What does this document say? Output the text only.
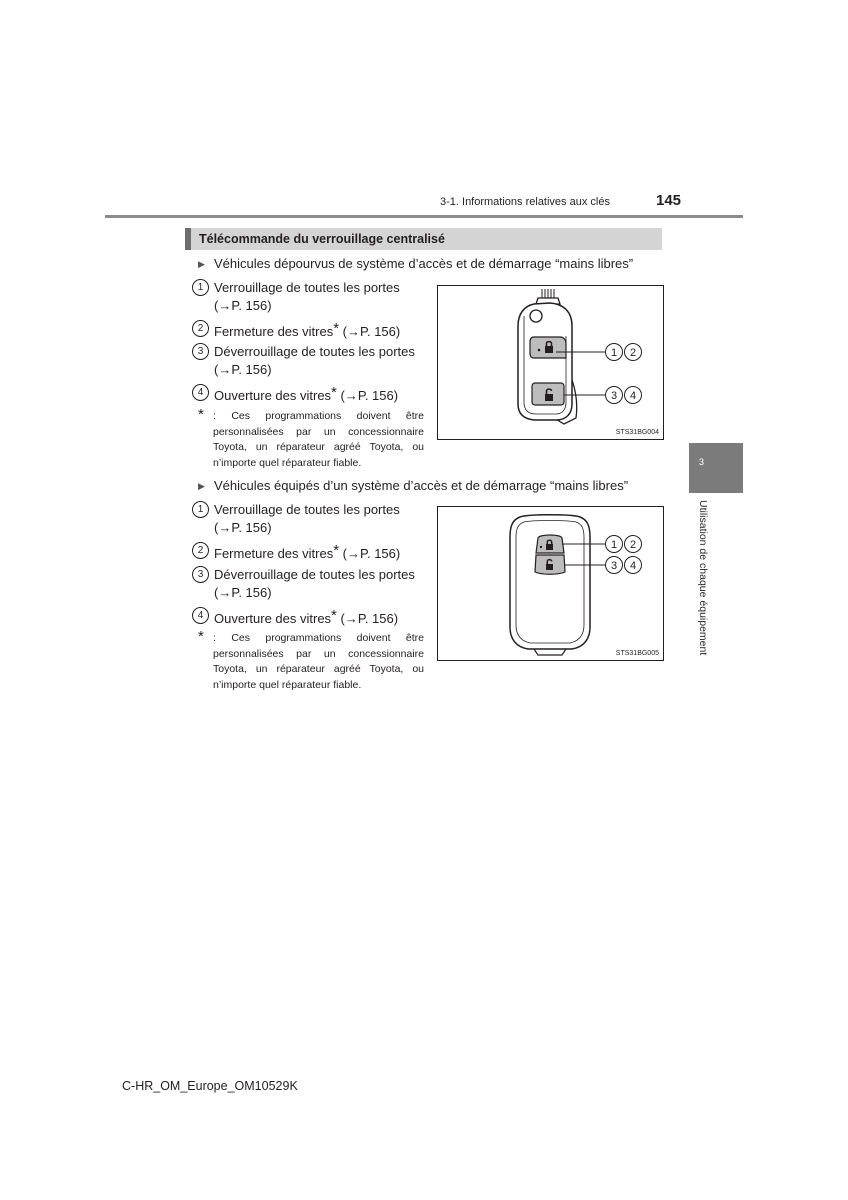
3-1. Informations relatives aux clés	145
Télécommande du verrouillage centralisé
▶ Véhicules dépourvus de système d’accès et de démarrage “mains libres”
1 Verrouillage de toutes les portes
(→P. 156)
2 Fermeture des vitres* (→P. 156)
3 Déverrouillage de toutes les portes
(→P. 156)
4 Ouverture des vitres* (→P. 156)
* : Ces programmations doivent être personnalisées par un concessionnaire Toyota, un réparateur agréé Toyota, ou n’importe quel réparateur fiable.
1 2
3 4
STS31BG004
▶ Véhicules équipés d’un système d’accès et de démarrage “mains libres”
1 Verrouillage de toutes les portes
(→P. 156)
2 Fermeture des vitres* (→P. 156)
3 Déverrouillage de toutes les portes
(→P. 156)
4 Ouverture des vitres* (→P. 156)
* : Ces programmations doivent être personnalisées par un concessionnaire Toyota, un réparateur agréé Toyota, ou n’importe quel réparateur fiable.
1 2
3 4
STS31BG005
3
Utilisation de chaque équipement
C-HR_OM_Europe_OM10529K
